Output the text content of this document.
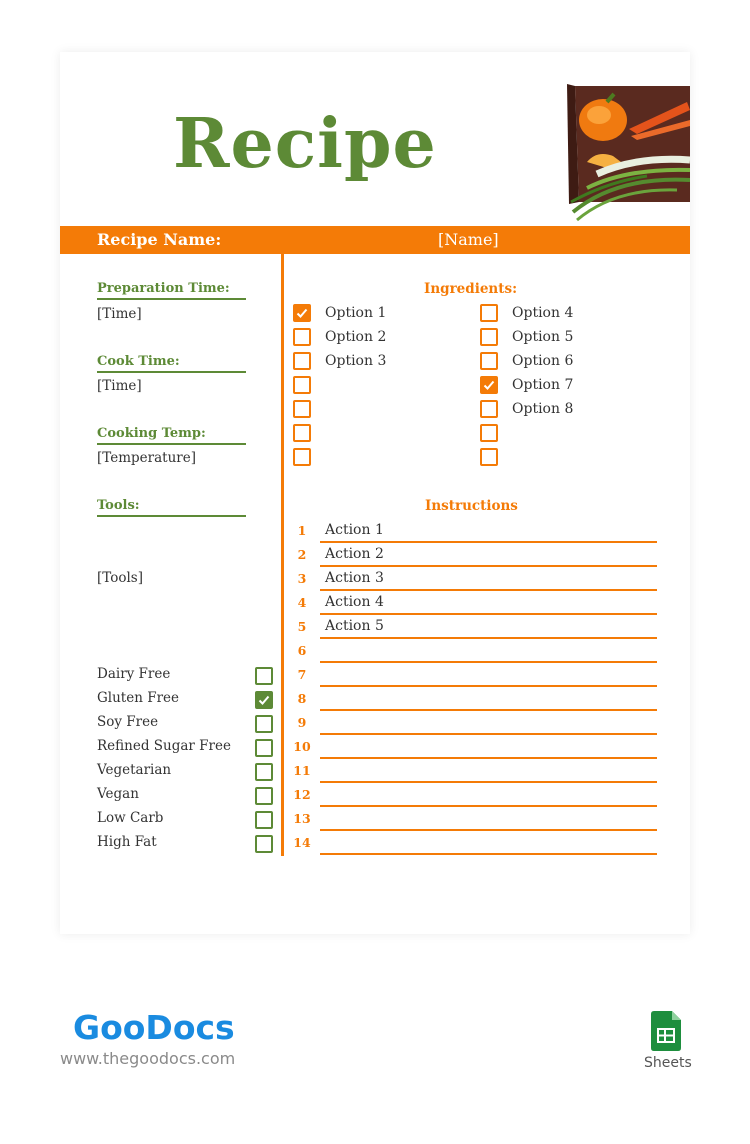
Recipe
Recipe Name:	[Name]
Preparation Time:
[Time]
Cook Time:
[Time]
Cooking Temp:
[Temperature]
Tools:
[Tools]
Dairy Free
Gluten Free
Soy Free
Refined Sugar Free
Vegetarian
Vegan
Low Carb
High Fat
Ingredients:
Option 1
Option 2
Option 3
Option 4
Option 5
Option 6
Option 7
Option 8
Instructions
1	Action 1
2	Action 2
3	Action 3
4	Action 4
5	Action 5
6
7
8
9
10
11
12
13
14
GooDocs
www.thegoodocs.com	Sheets
